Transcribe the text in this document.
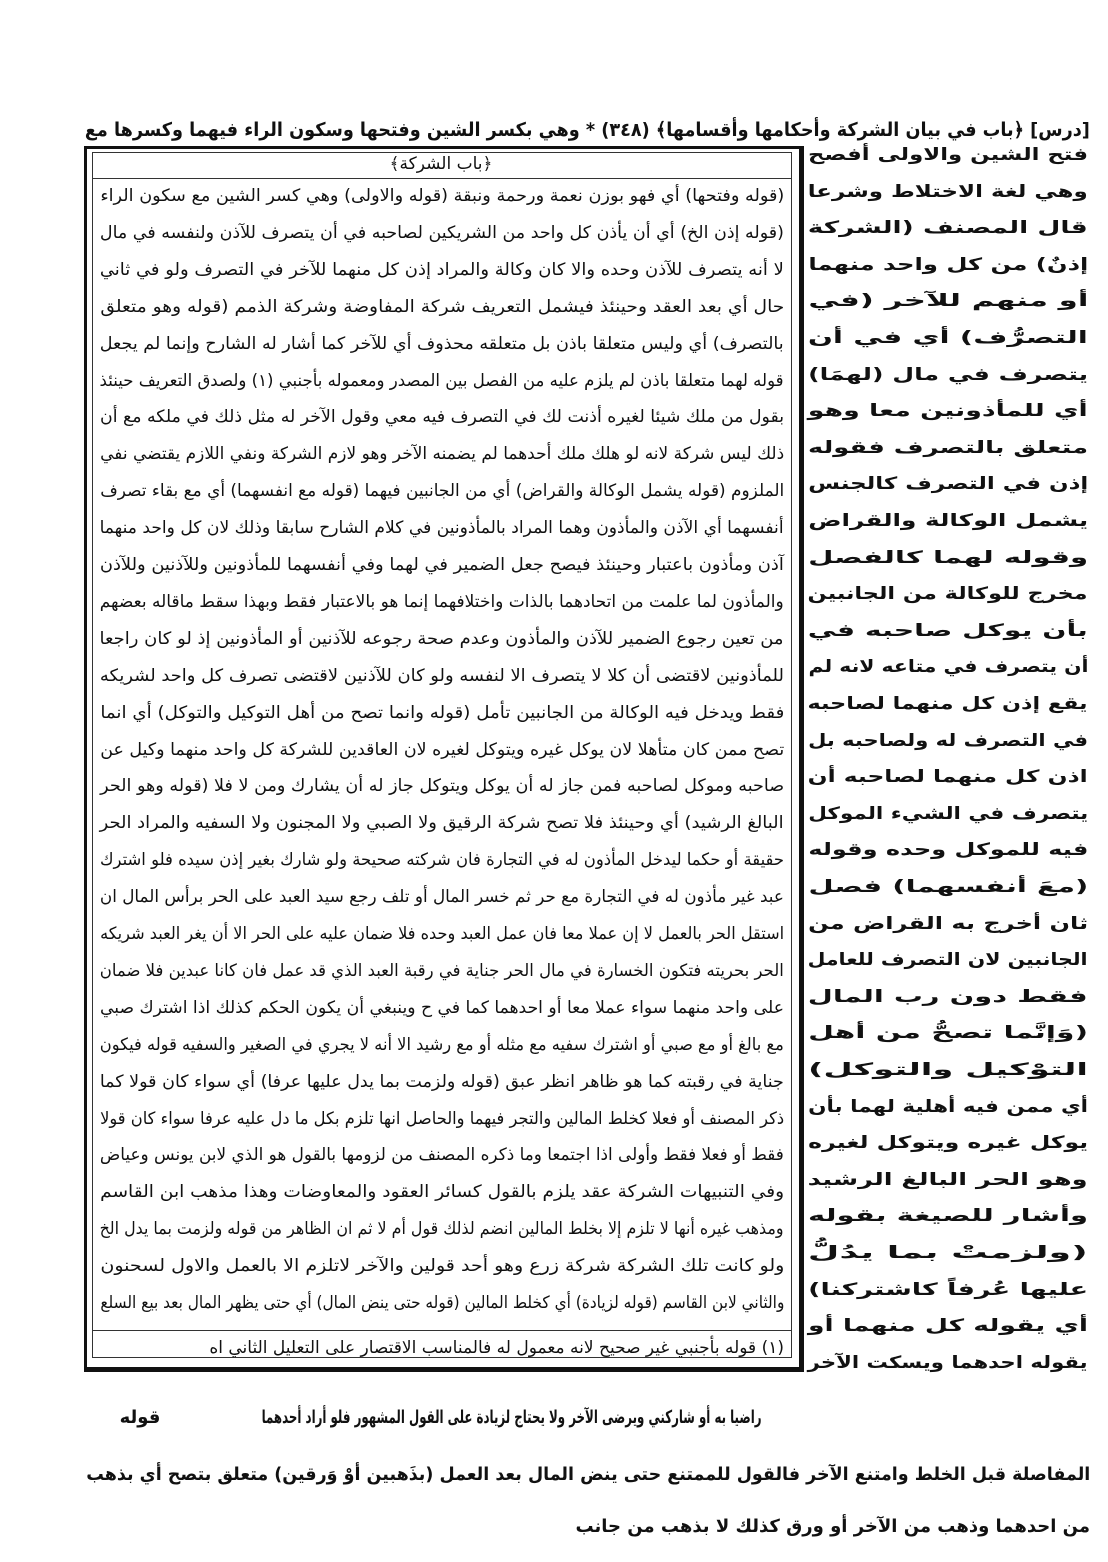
[درس] ﴿باب في بيان الشركة وأحكامها وأقسامها﴾ (٣٤٨) * وهي بكسر الشين وفتحها وسكون الراء فيهما وكسرها مع
﴿باب الشركة﴾
(قوله وفتحها) أي فهو بوزن نعمة ورحمة ونبقة (قوله والاولى) وهي كسر الشين مع سكون الراء
(قوله إذن الخ) أي أن يأذن كل واحد من الشريكين لصاحبه في أن يتصرف للآذن ولنفسه في مال
لا أنه يتصرف للآذن وحده والا كان وكالة والمراد إذن كل منهما للآخر في التصرف ولو في ثاني
حال أي بعد العقد وحينئذ فيشمل التعريف شركة المفاوضة وشركة الذمم (قوله وهو متعلق
بالتصرف) أي وليس متعلقا باذن بل متعلقه محذوف أي للآخر كما أشار له الشارح وإنما لم يجعل
قوله لهما متعلقا باذن لم يلزم عليه من الفصل بين المصدر ومعموله بأجنبي (١) ولصدق التعريف حينئذ
بقول من ملك شيئا لغيره أذنت لك في التصرف فيه معي وقول الآخر له مثل ذلك في ملكه مع أن
ذلك ليس شركة لانه لو هلك ملك أحدهما لم يضمنه الآخر وهو لازم الشركة ونفي اللازم يقتضي نفي
الملزوم (قوله يشمل الوكالة والقراض) أي من الجانبين فيهما (قوله مع انفسهما) أي مع بقاء تصرف
أنفسهما أي الآذن والمأذون وهما المراد بالمأذونين في كلام الشارح سابقا وذلك لان كل واحد منهما
آذن ومأذون باعتبار وحينئذ فيصح جعل الضمير في لهما وفي أنفسهما للمأذونين وللآذنين وللآذن
والمأذون لما علمت من اتحادهما بالذات واختلافهما إنما هو بالاعتبار فقط وبهذا سقط ماقاله بعضهم
من تعين رجوع الضمير للآذن والمأذون وعدم صحة رجوعه للآذنين أو المأذونين إذ لو كان راجعا
للمأذونين لاقتضى أن كلا لا يتصرف الا لنفسه ولو كان للآذنين لاقتضى تصرف كل واحد لشريكه
فقط ويدخل فيه الوكالة من الجانبين تأمل (قوله وانما تصح من أهل التوكيل والتوكل) أي انما
تصح ممن كان متأهلا لان يوكل غيره ويتوكل لغيره لان العاقدين للشركة كل واحد منهما وكيل عن
صاحبه وموكل لصاحبه فمن جاز له أن يوكل ويتوكل جاز له أن يشارك ومن لا فلا (قوله وهو الحر
البالغ الرشيد) أي وحينئذ فلا تصح شركة الرقيق ولا الصبي ولا المجنون ولا السفيه والمراد الحر
حقيقة أو حكما ليدخل المأذون له في التجارة فان شركته صحيحة ولو شارك بغير إذن سيده فلو اشترك
عبد غير مأذون له في التجارة مع حر ثم خسر المال أو تلف رجع سيد العبد على الحر برأس المال ان
استقل الحر بالعمل لا إن عملا معا فان عمل العبد وحده فلا ضمان عليه على الحر الا أن يغر العبد شريكه
الحر بحريته فتكون الخسارة في مال الحر جناية في رقبة العبد الذي قد عمل فان كانا عبدين فلا ضمان
على واحد منهما سواء عملا معا أو احدهما كما في ح وينبغي أن يكون الحكم كذلك اذا اشترك صبي
مع بالغ أو مع صبي أو اشترك سفيه مع مثله أو مع رشيد الا أنه لا يجري في الصغير والسفيه قوله فيكون
جناية في رقبته كما هو ظاهر انظر عبق (قوله ولزمت بما يدل عليها عرفا) أي سواء كان قولا كما
ذكر المصنف أو فعلا كخلط المالين والتجر فيهما والحاصل انها تلزم بكل ما دل عليه عرفا سواء كان قولا
فقط أو فعلا فقط وأولى اذا اجتمعا وما ذكره المصنف من لزومها بالقول هو الذي لابن يونس وعياض
وفي التنبيهات الشركة عقد يلزم بالقول كسائر العقود والمعاوضات وهذا مذهب ابن القاسم
ومذهب غيره أنها لا تلزم إلا بخلط المالين انضم لذلك قول أم لا ثم ان الظاهر من قوله ولزمت بما يدل الخ
ولو كانت تلك الشركة شركة زرع وهو أحد قولين والآخر لاتلزم الا بالعمل والاول لسحنون
والثاني لابن القاسم (قوله لزيادة) أي كخلط المالين (قوله حتى ينض المال) أي حتى يظهر المال بعد بيع السلع
(١) قوله بأجنبي غير صحيح لانه معمول له فالمناسب الاقتصار على التعليل الثاني اه
فتح الشين والاولى أفصح
وهي لغة الاختلاط وشرعا
قال المصنف (الشركة
إذنٌ) من كل واحد منهما
أو منهم للآخر (في
التصرُّف) أي في أن
يتصرف في مال (لهمَا)
أي للمأذونين معا وهو
متعلق بالتصرف فقوله
إذن في التصرف كالجنس
يشمل الوكالة والقراض
وقوله لهما كالفصل
مخرج للوكالة من الجانبين
بأن يوكل صاحبه في
أن يتصرف في متاعه لانه لم
يقع إذن كل منهما لصاحبه
في التصرف له ولصاحبه بل
اذن كل منهما لصاحبه أن
يتصرف في الشيء الموكل
فيه للموكل وحده وقوله
(معَ أنفسهما) فصل
ثان أخرج به القراض من
الجانبين لان التصرف للعامل
فقط دون رب المال
(وَإنَّما تصحُّ من أهل
التوْكيل والتوكل)
أي ممن فيه أهلية لهما بأن
يوكل غيره ويتوكل لغيره
وهو الحر البالغ الرشيد
وأشار للصيغة بقوله
(ولزمتْ بما يدُلُّ
عليها عُرفاً كاشتركنا)
أي يقوله كل منهما أو
يقوله احدهما ويسكت الآخر
قوله	راضيا به أو شاركني ويرضى الآخر ولا يحتاج لزيادة على القول المشهور فلو أراد أحدهما
المفاصلة قبل الخلط وامتنع الآخر فالقول للممتنع حتى ينض المال بعد العمل (بذَهبين أوْ وَرقين) متعلق بتصح أي بذهب
من احدهما وذهب من الآخر أو ورق كذلك لا بذهب من جانب
